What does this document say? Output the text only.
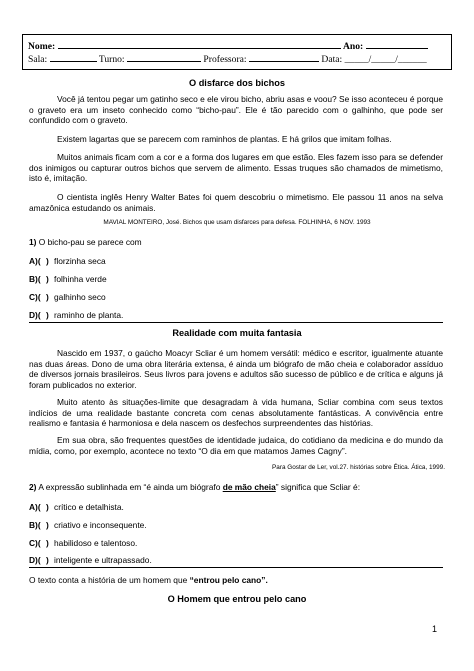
Nome:	Ano:
Sala:	Turno:	Professora:	Data: _____/_____/______
O disfarce dos bichos

Você já tentou pegar um gatinho seco e ele virou bicho, abriu asas e voou? Se isso aconteceu é porque o graveto era um inseto conhecido como “bicho-pau”. Ele é tão parecido com o galhinho, que pode ser confundido com o graveto.

Existem lagartas que se parecem com raminhos de plantas. E há grilos que imitam folhas.

Muitos animais ficam com a cor e a forma dos lugares em que estão. Eles fazem isso para se defender dos inimigos ou capturar outros bichos que servem de alimento. Essas truques são chamados de mimetismo, isto é, imitação.

O cientista inglês Henry Walter Bates foi quem descobriu o mimetismo. Ele passou 11 anos na selva amazônica estudando os animais.

MAVIAL MONTEIRO, José. Bichos que usam disfarces para defesa. FOLHINHA, 6 NOV. 1993
1) O bicho-pau se parece com
A)( ) florzinha seca
B)( ) folhinha verde
C)( ) galhinho seco
D)( ) raminho de planta.
Realidade com muita fantasia

Nascido em 1937, o gaúcho Moacyr Scliar é um homem versátil: médico e escritor, igualmente atuante nas duas áreas. Dono de uma obra literária extensa, é ainda um biógrafo de mão cheia e colaborador assíduo de diversos jornais brasileiros. Seus livros para jovens e adultos são sucesso de público e de crítica e alguns já foram publicados no exterior.

Muito atento às situações-limite que desagradam à vida humana, Scliar combina com seus textos indícios de uma realidade bastante concreta com cenas absolutamente fantásticas. A convivência entre realismo e fantasia é harmoniosa e dela nascem os desfechos surpreendentes das histórias.

Em sua obra, são frequentes questões de identidade judaica, do cotidiano da medicina e do mundo da mídia, como, por exemplo, acontece no texto “O dia em que matamos James Cagny”.

Para Gostar de Ler, vol.27. histórias sobre Ética. Ática, 1999.
2) A expressão sublinhada em “é ainda um biógrafo de mão cheia” significa que Scliar é:
A)( ) crítico e detalhista.
B)( ) criativo e inconsequente.
C)( ) habilidoso e talentoso.
D)( ) inteligente e ultrapassado.
O texto conta a história de um homem que “entrou pelo cano”.
O Homem que entrou pelo cano
1
